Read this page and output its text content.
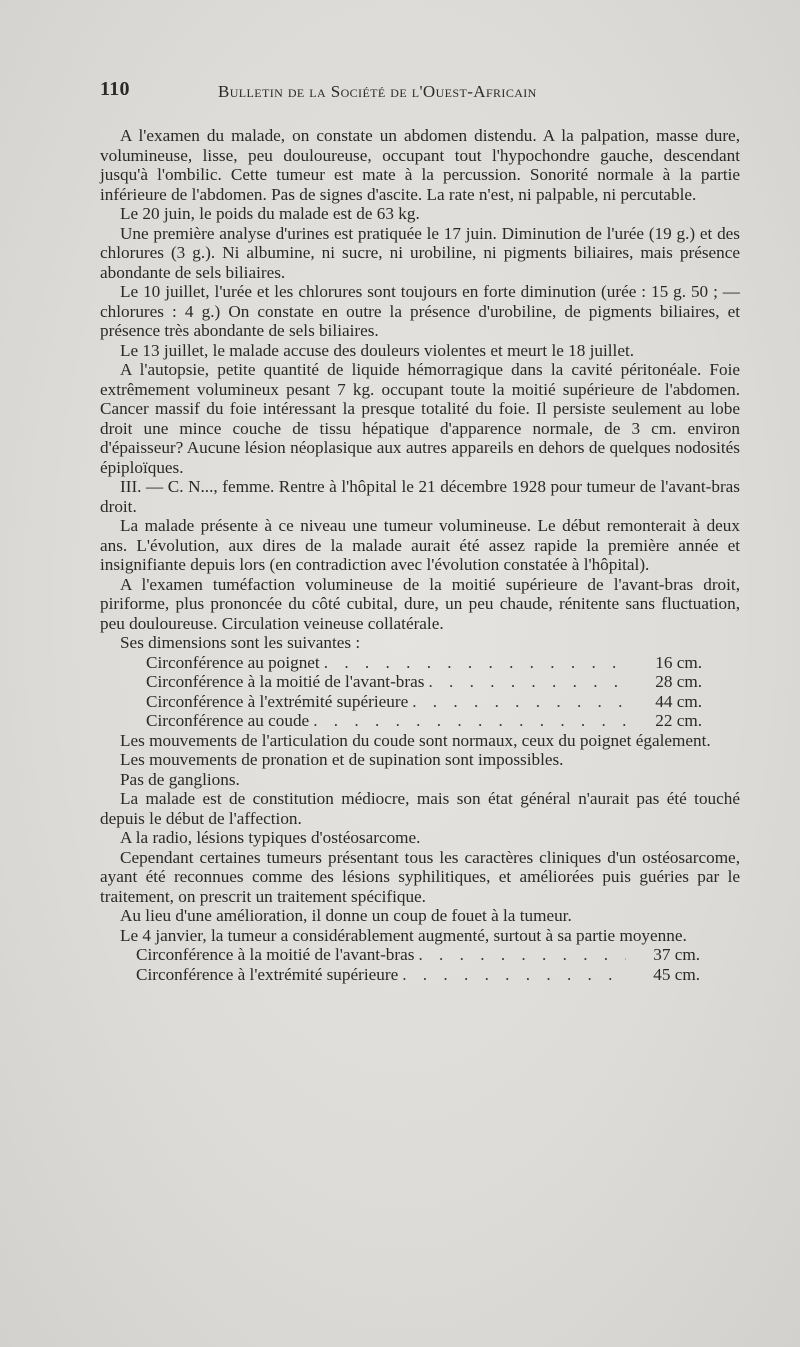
110	Bulletin de la Société de l'Ouest-Africain

A l'examen du malade, on constate un abdomen distendu. A la palpation, masse dure, volumineuse, lisse, peu douloureuse, occupant tout l'hypochondre gauche, descendant jusqu'à l'ombilic. Cette tumeur est mate à la percussion. Sonorité normale à la partie inférieure de l'abdomen. Pas de signes d'ascite. La rate n'est, ni palpable, ni percutable.

Le 20 juin, le poids du malade est de 63 kg.

Une première analyse d'urines est pratiquée le 17 juin. Diminution de l'urée (19 g.) et des chlorures (3 g.). Ni albumine, ni sucre, ni urobiline, ni pigments biliaires, mais présence abondante de sels biliaires.

Le 10 juillet, l'urée et les chlorures sont toujours en forte diminution (urée : 15 g. 50 ; — chlorures : 4 g.) On constate en outre la présence d'urobiline, de pigments biliaires, et présence très abondante de sels biliaires.

Le 13 juillet, le malade accuse des douleurs violentes et meurt le 18 juillet.

A l'autopsie, petite quantité de liquide hémorragique dans la cavité péritonéale. Foie extrêmement volumineux pesant 7 kg. occupant toute la moitié supérieure de l'abdomen. Cancer massif du foie intéressant la presque totalité du foie. Il persiste seulement au lobe droit une mince couche de tissu hépatique d'apparence normale, de 3 cm. environ d'épaisseur? Aucune lésion néoplasique aux autres appareils en dehors de quelques nodosités épiploïques.

III. — C. N..., femme. Rentre à l'hôpital le 21 décembre 1928 pour tumeur de l'avant-bras droit.

La malade présente à ce niveau une tumeur volumineuse. Le début remonterait à deux ans. L'évolution, aux dires de la malade aurait été assez rapide la première année et insignifiante depuis lors (en contradiction avec l'évolution constatée à l'hôpital).

A l'examen tuméfaction volumineuse de la moitié supérieure de l'avant-bras droit, piriforme, plus prononcée du côté cubital, dure, un peu chaude, rénitente sans fluctuation, peu douloureuse. Circulation veineuse collatérale.

Ses dimensions sont les suivantes :

Circonférence au poignet . . .	16 cm.
Circonférence à la moitié de l'avant-bras . . .	28 cm.
Circonférence à l'extrémité supérieure . . .	44 cm.
Circonférence au coude . . .	22 cm.

Les mouvements de l'articulation du coude sont normaux, ceux du poignet également.

Les mouvements de pronation et de supination sont impossibles.

Pas de ganglions.

La malade est de constitution médiocre, mais son état général n'aurait pas été touché depuis le début de l'affection.

A la radio, lésions typiques d'ostéosarcome.

Cependant certaines tumeurs présentant tous les caractères cliniques d'un ostéosarcome, ayant été reconnues comme des lésions syphilitiques, et améliorées puis guéries par le traitement, on prescrit un traitement spécifique.

Au lieu d'une amélioration, il donne un coup de fouet à la tumeur.

Le 4 janvier, la tumeur a considérablement augmenté, surtout à sa partie moyenne.

Circonférence à la moitié de l'avant-bras . . .	37 cm.
Circonférence à l'extrémité supérieure . . .	45 cm.
